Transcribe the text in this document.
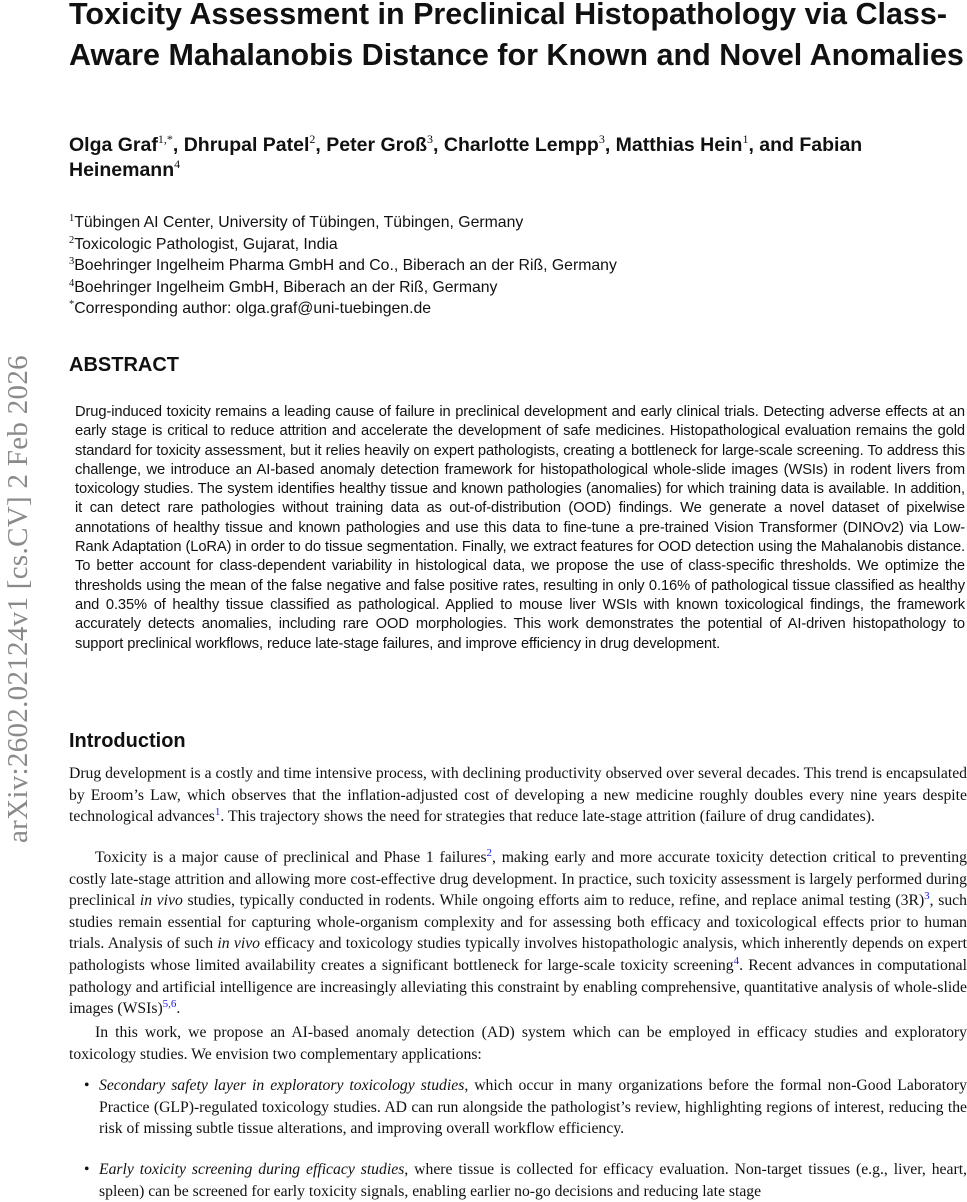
arXiv:2602.02124v1 [cs.CV] 2 Feb 2026
Toxicity Assessment in Preclinical Histopathology via Class-Aware Mahalanobis Distance for Known and Novel Anomalies

Olga Graf$^{1,*}$, Dhrupal Patel$^2$, Peter Groß$^3$, Charlotte Lempp$^3$, Matthias Hein$^1$, and Fabian Heinemann$^4$

$^1$Tübingen AI Center, University of Tübingen, Tübingen, Germany
$^2$Toxicologic Pathologist, Gujarat, India
$^3$Boehringer Ingelheim Pharma GmbH and Co., Biberach an der Riß, Germany
$^4$Boehringer Ingelheim GmbH, Biberach an der Riß, Germany
*Corresponding author: olga.graf@uni-tuebingen.de
ABSTRACT

Drug-induced toxicity remains a leading cause of failure in preclinical development and early clinical trials. Detecting adverse effects at an early stage is critical to reduce attrition and accelerate the development of safe medicines. Histopathological evaluation remains the gold standard for toxicity assessment, but it relies heavily on expert pathologists, creating a bottleneck for large-scale screening. To address this challenge, we introduce an AI-based anomaly detection framework for histopathological whole-slide images (WSIs) in rodent livers from toxicology studies. The system identifies healthy tissue and known pathologies (anomalies) for which training data is available. In addition, it can detect rare pathologies without training data as out-of-distribution (OOD) findings. We generate a novel dataset of pixelwise annotations of healthy tissue and known pathologies and use this data to fine-tune a pre-trained Vision Transformer (DINOv2) via Low-Rank Adaptation (LoRA) in order to do tissue segmentation. Finally, we extract features for OOD detection using the Mahalanobis distance. To better account for class-dependent variability in histological data, we propose the use of class-specific thresholds. We optimize the thresholds using the mean of the false negative and false positive rates, resulting in only 0.16% of pathological tissue classified as healthy and 0.35% of healthy tissue classified as pathological. Applied to mouse liver WSIs with known toxicological findings, the framework accurately detects anomalies, including rare OOD morphologies. This work demonstrates the potential of AI-driven histopathology to support preclinical workflows, reduce late-stage failures, and improve efficiency in drug development.

Introduction

Drug development is a costly and time intensive process, with declining productivity observed over several decades. This trend is encapsulated by Eroom’s Law, which observes that the inflation-adjusted cost of developing a new medicine roughly doubles every nine years despite technological advances$^1$. This trajectory shows the need for strategies that reduce late-stage attrition (failure of drug candidates).

Toxicity is a major cause of preclinical and Phase 1 failures$^2$, making early and more accurate toxicity detection critical to preventing costly late-stage attrition and allowing more cost-effective drug development. In practice, such toxicity assessment is largely performed during preclinical in vivo studies, typically conducted in rodents. While ongoing efforts aim to reduce, refine, and replace animal testing (3R)$^3$, such studies remain essential for capturing whole-organism complexity and for assessing both efficacy and toxicological effects prior to human trials. Analysis of such in vivo efficacy and toxicology studies typically involves histopathologic analysis, which inherently depends on expert pathologists whose limited availability creates a significant bottleneck for large-scale toxicity screening$^4$. Recent advances in computational pathology and artificial intelligence are increasingly alleviating this constraint by enabling comprehensive, quantitative analysis of whole-slide images (WSIs)$^{5,6}$.

In this work, we propose an AI-based anomaly detection (AD) system which can be employed in efficacy studies and exploratory toxicology studies. We envision two complementary applications:

• Secondary safety layer in exploratory toxicology studies, which occur in many organizations before the formal non-Good Laboratory Practice (GLP)-regulated toxicology studies. AD can run alongside the pathologist’s review, highlighting regions of interest, reducing the risk of missing subtle tissue alterations, and improving overall workflow efficiency.

• Early toxicity screening during efficacy studies, where tissue is collected for efficacy evaluation. Non-target tissues (e.g., liver, heart, spleen) can be screened for early toxicity signals, enabling earlier no-go decisions and reducing late stage
